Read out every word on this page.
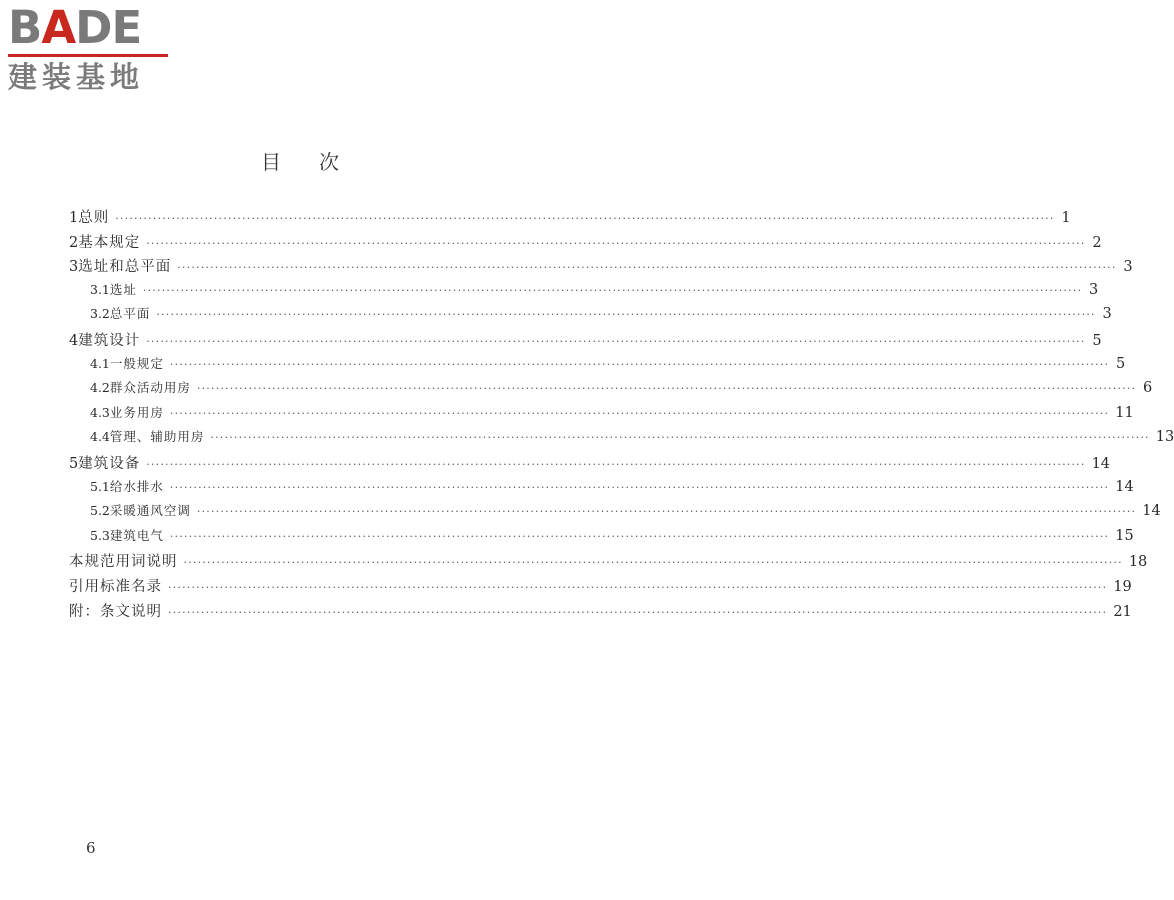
BADE
建装基地
目次
1 总则 ········································································································································································································ 1
2 基本规定 ········································································································································································································ 2
3 选址和总平面 ········································································································································································································ 3
3.1 选址 ········································································································································································································ 3
3.2 总平面 ········································································································································································································ 3
4 建筑设计 ········································································································································································································ 5
4.1 一般规定 ········································································································································································································ 5
4.2 群众活动用房 ········································································································································································································ 6
4.3 业务用房 ········································································································································································································ 11
4.4 管理、辅助用房 ········································································································································································································ 13
5 建筑设备 ········································································································································································································ 14
5.1 给水排水 ········································································································································································································ 14
5.2 采暖通风空调 ········································································································································································································ 14
5.3 建筑电气 ········································································································································································································ 15
本规范用词说明 ········································································································································································································ 18
引用标准名录 ········································································································································································································ 19
附：条文说明 ········································································································································································································ 21
6
